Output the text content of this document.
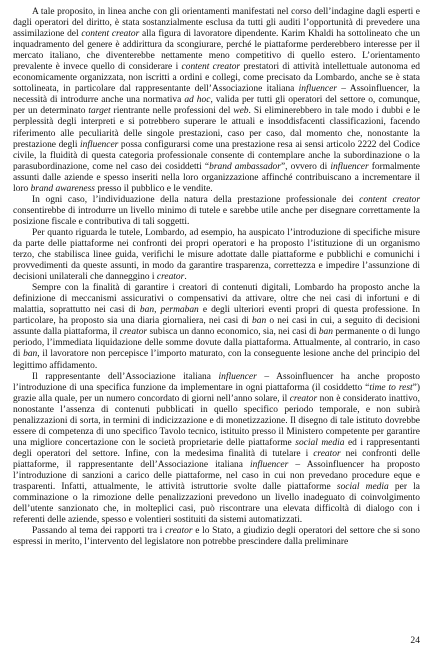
A tale proposito, in linea anche con gli orientamenti manifestati nel corso dell’indagine dagli esperti e dagli operatori del diritto, è stata sostanzialmente esclusa da tutti gli auditi l’opportunità di prevedere una assimilazione del content creator alla figura di lavoratore dipendente. Karim Khaldi ha sottolineato che un inquadramento del genere è addirittura da scongiurare, perché le piattaforme perderebbero interesse per il mercato italiano, che diventerebbe nettamente meno competitivo di quello estero. L’orientamento prevalente è invece quello di considerare i content creator prestatori di attività intellettuale autonoma ed economicamente organizzata, non iscritti a ordini e collegi, come precisato da Lombardo, anche se è stata sottolineata, in particolare dal rappresentante dell’Associazione italiana influencer – Assoinfluencer, la necessità di introdurre anche una normativa ad hoc, valida per tutti gli operatori del settore o, comunque, per un determinato target rientrante nelle professioni del web. Si eliminerebbero in tale modo i dubbi e le perplessità degli interpreti e si potrebbero superare le attuali e insoddisfacenti classificazioni, facendo riferimento alle peculiarità delle singole prestazioni, caso per caso, dal momento che, nonostante la prestazione degli influencer possa configurarsi come una prestazione resa ai sensi articolo 2222 del Codice civile, la fluidità di questa categoria professionale consente di contemplare anche la subordinazione o la parasubordinazione, come nel caso dei cosiddetti “brand ambassador”, ovvero di influencer formalmente assunti dalle aziende e spesso inseriti nella loro organizzazione affinché contribuiscano a incrementare il loro brand awareness presso il pubblico e le vendite.

In ogni caso, l’individuazione della natura della prestazione professionale dei content creator consentirebbe di introdurre un livello minimo di tutele e sarebbe utile anche per disegnare correttamente la posizione fiscale e contributiva di tali soggetti.

Per quanto riguarda le tutele, Lombardo, ad esempio, ha auspicato l’introduzione di specifiche misure da parte delle piattaforme nei confronti dei propri operatori e ha proposto l’istituzione di un organismo terzo, che stabilisca linee guida, verifichi le misure adottate dalle piattaforme e pubblichi e comunichi i provvedimenti da queste assunti, in modo da garantire trasparenza, correttezza e impedire l’assunzione di decisioni unilaterali che danneggino i creator.

Sempre con la finalità di garantire i creatori di contenuti digitali, Lombardo ha proposto anche la definizione di meccanismi assicurativi o compensativi da attivare, oltre che nei casi di infortuni e di malattia, soprattutto nei casi di ban, permaban e degli ulteriori eventi propri di questa professione. In particolare, ha proposto sia una diaria giornaliera, nei casi di ban o nei casi in cui, a seguito di decisioni assunte dalla piattaforma, il creator subisca un danno economico, sia, nei casi di ban permanente o di lungo periodo, l’immediata liquidazione delle somme dovute dalla piattaforma. Attualmente, al contrario, in caso di ban, il lavoratore non percepisce l’importo maturato, con la conseguente lesione anche del principio del legittimo affidamento.

Il rappresentante dell’Associazione italiana influencer – Assoinfluencer ha anche proposto l’introduzione di una specifica funzione da implementare in ogni piattaforma (il cosiddetto “time to rest”) grazie alla quale, per un numero concordato di giorni nell’anno solare, il creator non è considerato inattivo, nonostante l’assenza di contenuti pubblicati in quello specifico periodo temporale, e non subirà penalizzazioni di sorta, in termini di indicizzazione e di monetizzazione. Il disegno di tale istituto dovrebbe essere di competenza di uno specifico Tavolo tecnico, istituito presso il Ministero competente per garantire una migliore concertazione con le società proprietarie delle piattaforme social media ed i rappresentanti degli operatori del settore. Infine, con la medesima finalità di tutelare i creator nei confronti delle piattaforme, il rappresentante dell’Associazione italiana influencer – Assoinfluencer ha proposto l’introduzione di sanzioni a carico delle piattaforme, nel caso in cui non prevedano procedure eque e trasparenti. Infatti, attualmente, le attività istruttorie svolte dalle piattaforme social media per la comminazione o la rimozione delle penalizzazioni prevedono un livello inadeguato di coinvolgimento dell’utente sanzionato che, in molteplici casi, può riscontrare una elevata difficoltà di dialogo con i referenti delle aziende, spesso e volentieri sostituiti da sistemi automatizzati.

Passando al tema dei rapporti tra i creator e lo Stato, a giudizio degli operatori del settore che si sono espressi in merito, l’intervento del legislatore non potrebbe prescindere dalla preliminare

24
